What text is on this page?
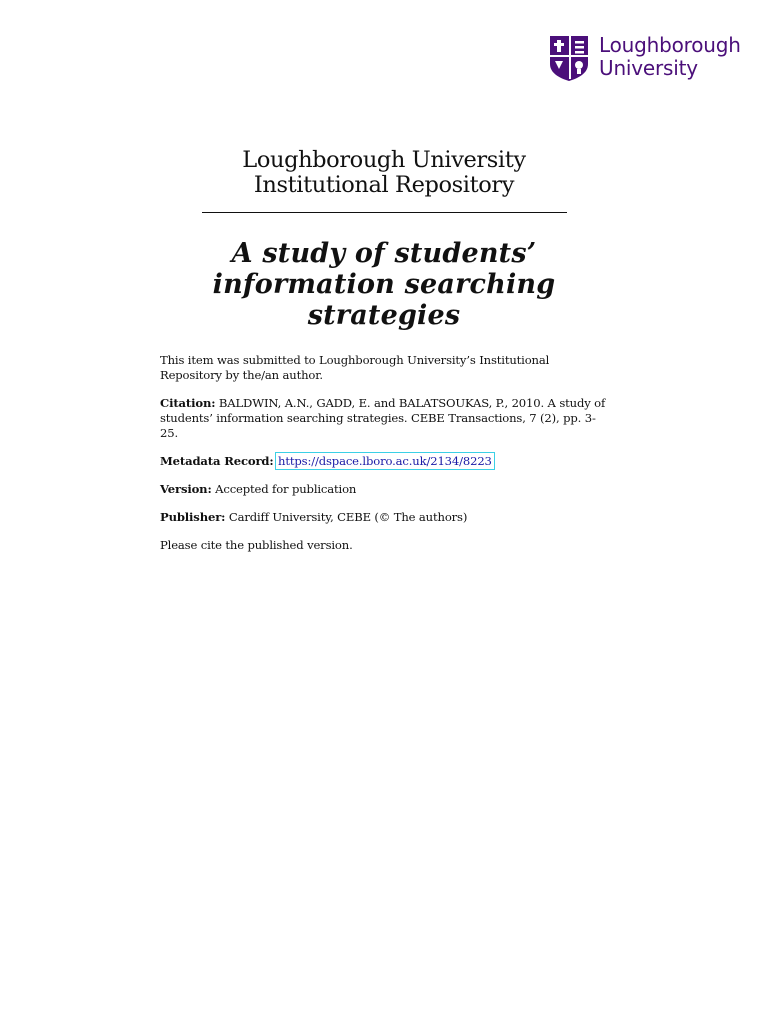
Loughborough
University
Loughborough University
Institutional Repository
A study of students’
information searching
strategies

This item was submitted to Loughborough University’s Institutional Repository by the/an author.

Citation: BALDWIN, A.N., GADD, E. and BALATSOUKAS, P., 2010. A study of students’ information searching strategies. CEBE Transactions, 7 (2), pp. 3-25.

Metadata Record: https://dspace.lboro.ac.uk/2134/8223

Version: Accepted for publication

Publisher: Cardiff University, CEBE (© The authors)

Please cite the published version.
